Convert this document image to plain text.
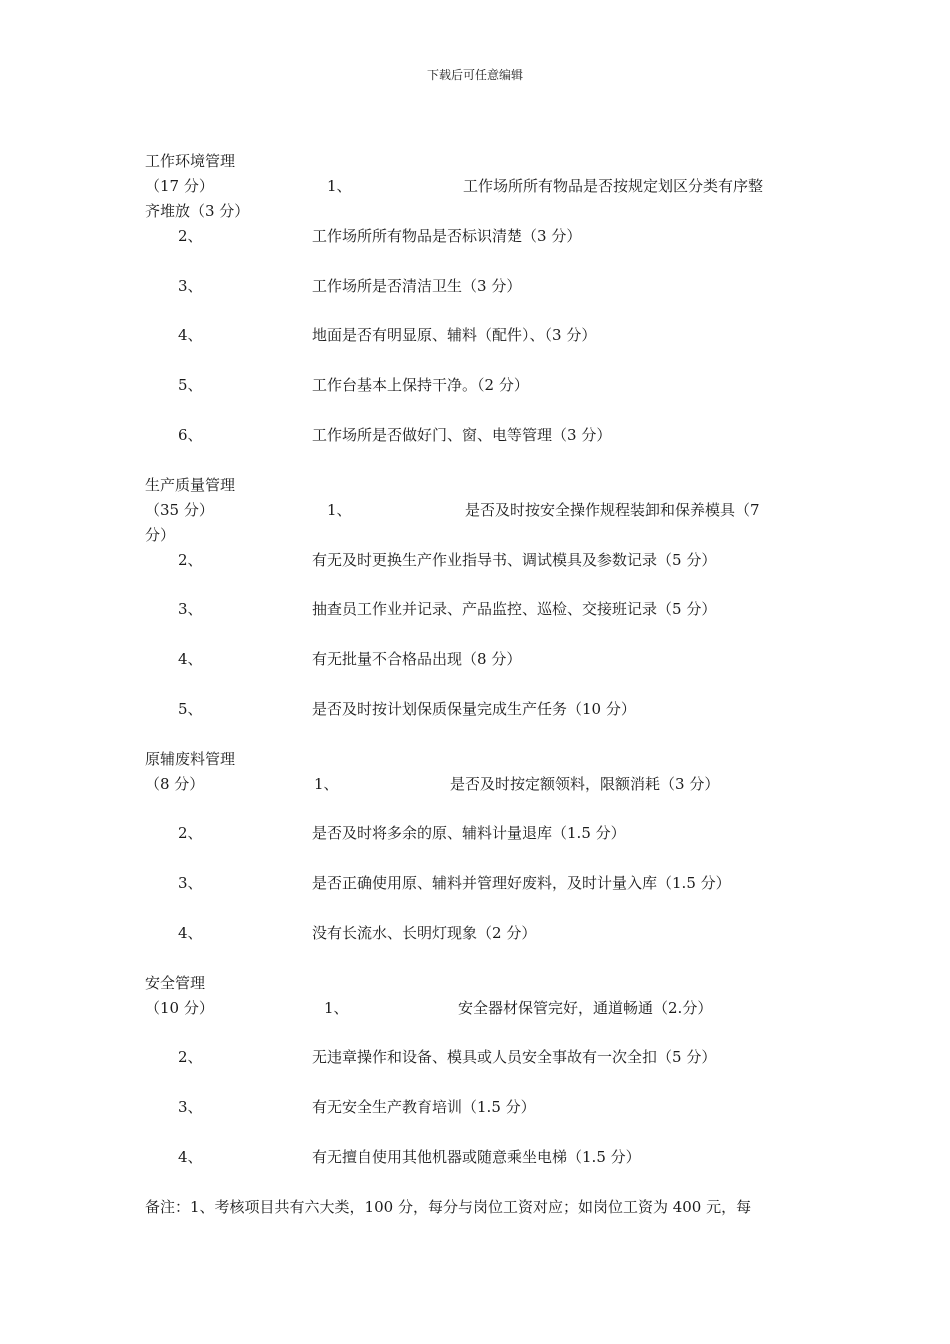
下载后可任意编辑
工作环境管理
（17 分）	1、	工作场所所有物品是否按规定划区分类有序整
齐堆放（3 分）
2、	工作场所所有物品是否标识清楚（3 分）
3、	工作场所是否清洁卫生（3 分）
4、	地面是否有明显原、辅料（配件）、（3 分）
5、	工作台基本上保持干净。（2 分）
6、	工作场所是否做好门、窗、电等管理（3 分）
生产质量管理
（35 分）	1、	是否及时按安全操作规程装卸和保养模具（7
分）
2、	有无及时更换生产作业指导书、调试模具及参数记录（5 分）
3、	抽查员工作业并记录、产品监控、巡检、交接班记录（5 分）
4、	有无批量不合格品出现（8 分）
5、	是否及时按计划保质保量完成生产任务（10 分）
原辅废料管理
（8 分）	1、	是否及时按定额领料，限额消耗（3 分）
2、	是否及时将多余的原、辅料计量退库（1.5 分）
3、	是否正确使用原、辅料并管理好废料，及时计量入库（1.5 分）
4、	没有长流水、长明灯现象（2 分）
安全管理
（10 分）	1、	安全器材保管完好，通道畅通（2.分）
2、	无违章操作和设备、模具或人员安全事故有一次全扣（5 分）
3、	有无安全生产教育培训（1.5 分）
4、	有无擅自使用其他机器或随意乘坐电梯（1.5 分）
备注：1、考核项目共有六大类，100 分，每分与岗位工资对应；如岗位工资为 400 元，每
